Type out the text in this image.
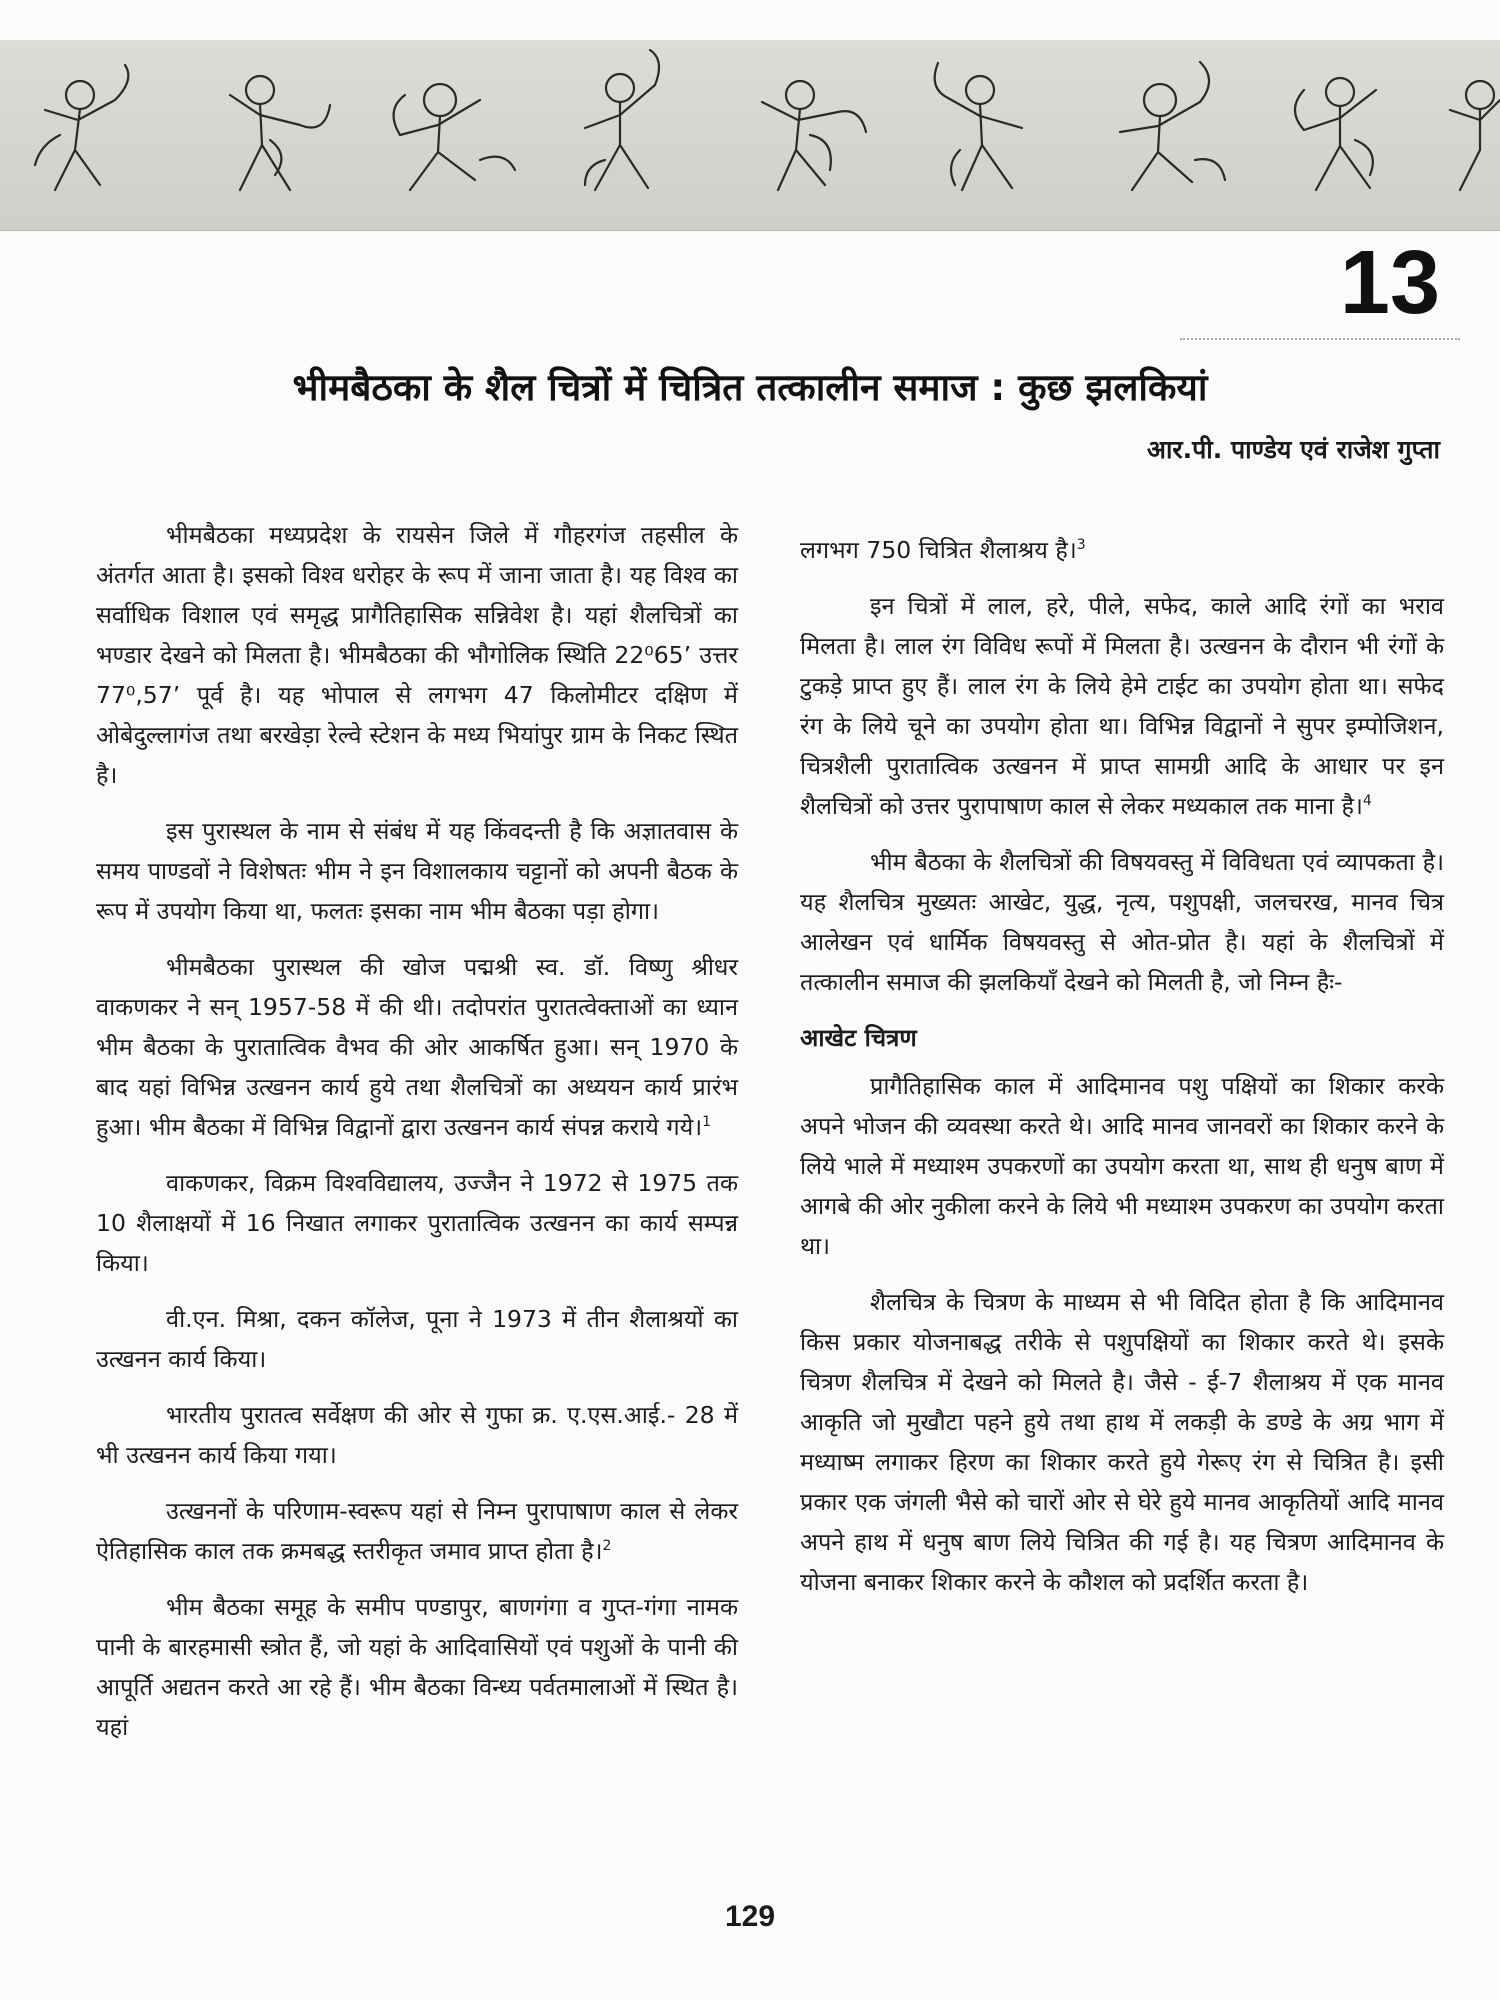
13
भीमबैठका के शैल चित्रों में चित्रित तत्कालीन समाज : कुछ झलकियां
आर.पी. पाण्डेय एवं राजेश गुप्ता

भीमबैठका मध्यप्रदेश के रायसेन जिले में गौहरगंज तहसील के अंतर्गत आता है। इसको विश्व धरोहर के रूप में जाना जाता है। यह विश्व का सर्वाधिक विशाल एवं समृद्ध प्रागैतिहासिक सन्निवेश है। यहां शैलचित्रों का भण्डार देखने को मिलता है। भीमबैठका की भौगोलिक स्थिति 22⁰65’ उत्तर 77⁰,57’ पूर्व है। यह भोपाल से लगभग 47 किलोमीटर दक्षिण में ओबेदुल्लागंज तथा बरखेड़ा रेल्वे स्टेशन के मध्य भियांपुर ग्राम के निकट स्थित है।

इस पुरास्थल के नाम से संबंध में यह किंवदन्ती है कि अज्ञातवास के समय पाण्डवों ने विशेषतः भीम ने इन विशालकाय चट्टानों को अपनी बैठक के रूप में उपयोग किया था, फलतः इसका नाम भीम बैठका पड़ा होगा।

भीमबैठका पुरास्थल की खोज पद्मश्री स्व. डॉ. विष्णु श्रीधर वाकणकर ने सन् 1957-58 में की थी। तदोपरांत पुरातत्वेक्ताओं का ध्यान भीम बैठका के पुरातात्विक वैभव की ओर आकर्षित हुआ। सन् 1970 के बाद यहां विभिन्न उत्खनन कार्य हुये तथा शैलचित्रों का अध्ययन कार्य प्रारंभ हुआ। भीम बैठका में विभिन्न विद्वानों द्वारा उत्खनन कार्य संपन्न कराये गये।$^1$

वाकणकर, विक्रम विश्वविद्यालय, उज्जैन ने 1972 से 1975 तक 10 शैलाक्षयों में 16 निखात लगाकर पुरातात्विक उत्खनन का कार्य सम्पन्न किया।

वी.एन. मिश्रा, दकन कॉलेज, पूना ने 1973 में तीन शैलाश्रयों का उत्खनन कार्य किया।

भारतीय पुरातत्व सर्वेक्षण की ओर से गुफा क्र. ए.एस.आई.- 28 में भी उत्खनन कार्य किया गया।

उत्खननों के परिणाम-स्वरूप यहां से निम्न पुरापाषाण काल से लेकर ऐतिहासिक काल तक क्रमबद्ध स्तरीकृत जमाव प्राप्त होता है।$^2$

भीम बैठका समूह के समीप पण्डापुर, बाणगंगा व गुप्त-गंगा नामक पानी के बारहमासी स्त्रोत हैं, जो यहां के आदिवासियों एवं पशुओं के पानी की आपूर्ति अद्यतन करते आ रहे हैं। भीम बैठका विन्ध्य पर्वतमालाओं में स्थित है। यहां

लगभग 750 चित्रित शैलाश्रय है।$^3$

इन चित्रों में लाल, हरे, पीले, सफेद, काले आदि रंगों का भराव मिलता है। लाल रंग विविध रूपों में मिलता है। उत्खनन के दौरान भी रंगों के टुकड़े प्राप्त हुए हैं। लाल रंग के लिये हेमे टाईट का उपयोग होता था। सफेद रंग के लिये चूने का उपयोग होता था। विभिन्न विद्वानों ने सुपर इम्पोजिशन, चित्रशैली पुरातात्विक उत्खनन में प्राप्त सामग्री आदि के आधार पर इन शैलचित्रों को उत्तर पुरापाषाण काल से लेकर मध्यकाल तक माना है।$^4$

भीम बैठका के शैलचित्रों की विषयवस्तु में विविधता एवं व्यापकता है। यह शैलचित्र मुख्यतः आखेट, युद्ध, नृत्य, पशुपक्षी, जलचरख, मानव चित्र आलेखन एवं धार्मिक विषयवस्तु से ओत-प्रोत है। यहां के शैलचित्रों में तत्कालीन समाज की झलकियाँ देखने को मिलती है, जो निम्न हैः-

आखेट चित्रण

प्रागैतिहासिक काल में आदिमानव पशु पक्षियों का शिकार करके अपने भोजन की व्यवस्था करते थे। आदि मानव जानवरों का शिकार करने के लिये भाले में मध्याश्म उपकरणों का उपयोग करता था, साथ ही धनुष बाण में आगबे की ओर नुकीला करने के लिये भी मध्याश्म उपकरण का उपयोग करता था।

शैलचित्र के चित्रण के माध्यम से भी विदित होता है कि आदिमानव किस प्रकार योजनाबद्ध तरीके से पशुपक्षियों का शिकार करते थे। इसके चित्रण शैलचित्र में देखने को मिलते है। जैसे - ई-7 शैलाश्रय में एक मानव आकृति जो मुखौटा पहने हुये तथा हाथ में लकड़ी के डण्डे के अग्र भाग में मध्याष्म लगाकर हिरण का शिकार करते हुये गेरूए रंग से चित्रित है। इसी प्रकार एक जंगली भैसे को चारों ओर से घेरे हुये मानव आकृतियों आदि मानव अपने हाथ में धनुष बाण लिये चित्रित की गई है। यह चित्रण आदिमानव के योजना बनाकर शिकार करने के कौशल को प्रदर्शित करता है।

129
